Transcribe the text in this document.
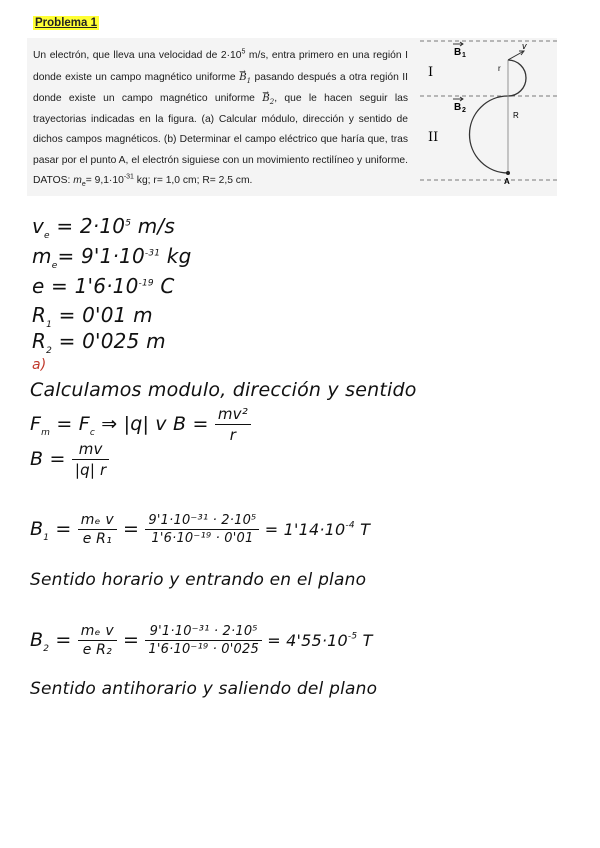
Problema 1
Un electrón, que lleva una velocidad de $2\cdot 10^5$ m/s, entra primero en una región I donde existe un campo magnético uniforme → $B_1$ pasando después a otra región II donde existe un campo magnético uniforme → $B_2$, que le hacen seguir las trayectorias indicadas en la figura. (a) Calcular módulo, dirección y sentido de dichos campos magnéticos. (b) Determinar el campo eléctrico que haría que, tras pasar por el punto A, el electrón siguiese con un movimiento rectilíneo y uniforme. DATOS: $m_e= 9,1\cdot 10^{-31}$ kg; r= 1,0 cm; R= 2,5 cm.
I
II
B 1
B 2
v
r
R
A
$v_e = 2\cdot 10^5$ m/s
$m_e= 9'1\cdot 10^{-31}$ kg
$e = 1'6\cdot 10^{-19}$ C
$R_1 = 0'01$ m
$R_2 = 0'025$ m
a)
Calculamos modulo, dirección y sentido
$F_m = F_c$ ⇒ |q| v $B = \frac{\text{mv²}}{r}$
$B = \frac{mv}{|q| r}$
$B_1 = \frac{\text{mₑ v}}{\text{e R₁}} = \frac{\text{9'1·10⁻³¹ · 2·10⁵}}{\text{1'6·10⁻¹⁹ · 0'01}} = 1'14\cdot 10^{-4}$ T
Sentido horario y entrando en el plano
$B_2 = \frac{\text{mₑ v}}{\text{e R₂}} = \frac{\text{9'1·10⁻³¹ · 2·10⁵}}{\text{1'6·10⁻¹⁹ · 0'025}} = 4'55\cdot 10^{-5}$ T
Sentido antihorario y saliendo del plano
